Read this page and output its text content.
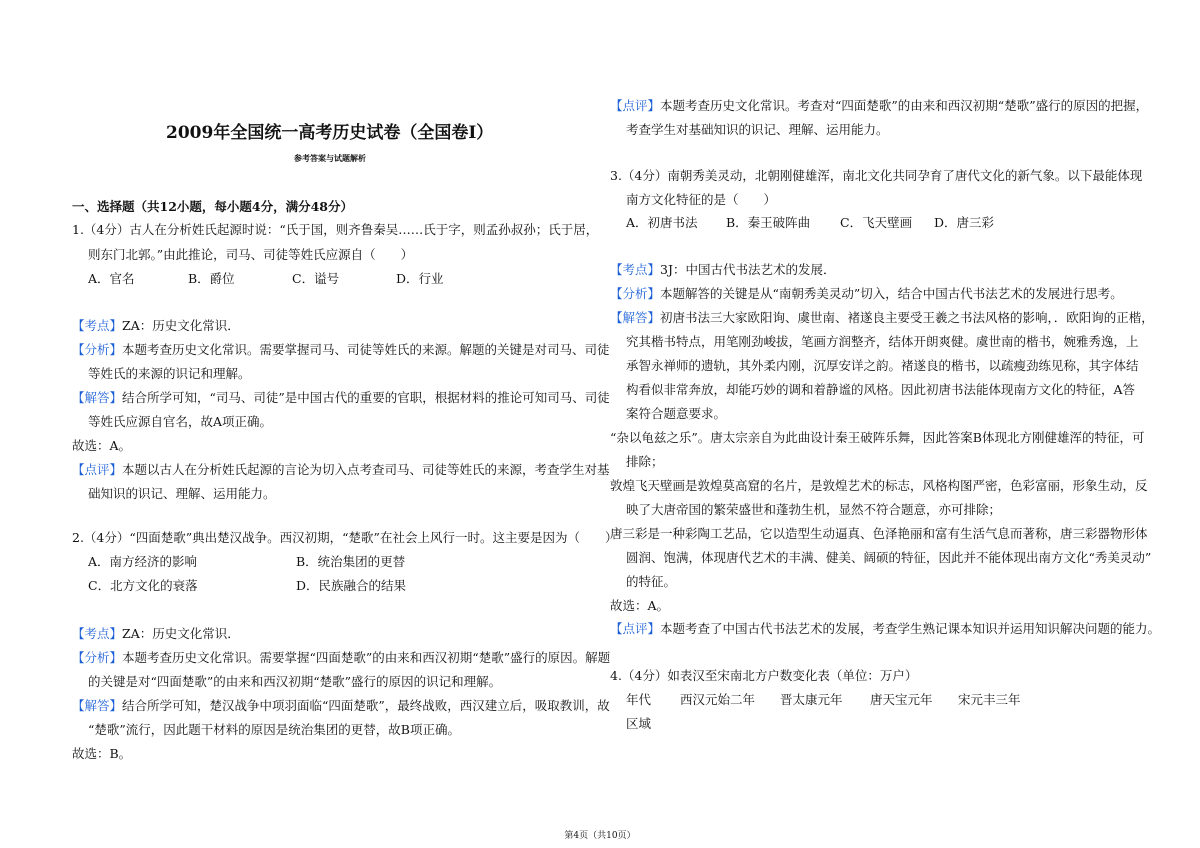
2009年全国统一高考历史试卷（全国卷Ⅰ）
参考答案与试题解析
一、选择题（共12小题，每小题4分，满分48分）
1.（4分）古人在分析姓氏起源时说：“氏于国，则齐鲁秦吴……氏于字，则孟孙叔孙；氏于居，
则东门北郭。”由此推论，司马、司徒等姓氏应源自（　　）
A．官名	B．爵位	C．谥号	D．行业
【考点】ZA：历史文化常识．
【分析】本题考查历史文化常识。需要掌握司马、司徒等姓氏的来源。解题的关键是对司马、司徒
等姓氏的来源的识记和理解。
【解答】结合所学可知，“司马、司徒”是中国古代的重要的官职，根据材料的推论可知司马、司徒
等姓氏应源自官名，故A项正确。
故选：A。
【点评】本题以古人在分析姓氏起源的言论为切入点考查司马、司徒等姓氏的来源，考查学生对基
础知识的识记、理解、运用能力。
2.（4分）“四面楚歌”典出楚汉战争。西汉初期，“楚歌”在社会上风行一时。这主要是因为（　　）
A．南方经济的影响	B．统治集团的更替
C．北方文化的衰落	D．民族融合的结果
【考点】ZA：历史文化常识．
【分析】本题考查历史文化常识。需要掌握“四面楚歌”的由来和西汉初期“楚歌”盛行的原因。解题
的关键是对“四面楚歌”的由来和西汉初期“楚歌”盛行的原因的识记和理解。
【解答】结合所学可知，楚汉战争中项羽面临“四面楚歌”，最终战败，西汉建立后，吸取教训，故
“楚歌”流行，因此题干材料的原因是统治集团的更替，故B项正确。
故选：B。
【点评】本题考查历史文化常识。考查对“四面楚歌”的由来和西汉初期“楚歌”盛行的原因的把握，
考查学生对基础知识的识记、理解、运用能力。
3.（4分）南朝秀美灵动，北朝刚健雄浑，南北文化共同孕育了唐代文化的新气象。以下最能体现
南方文化特征的是（　　）
A．初唐书法 B．秦王破阵曲 C．飞天壁画 D．唐三彩
【考点】3J：中国古代书法艺术的发展．
【分析】本题解答的关键是从“南朝秀美灵动”切入，结合中国古代书法艺术的发展进行思考。
【解答】初唐书法三大家欧阳询、虞世南、褚遂良主要受王羲之书法风格的影响，．欧阳询的正楷，
究其楷书特点，用笔刚劲峻拔，笔画方润整齐，结体开朗爽健。虞世南的楷书，婉雅秀逸，上
承智永禅师的遗轨，其外柔内刚，沉厚安详之韵。褚遂良的楷书，以疏瘦劲练见称，其字体结
构看似非常奔放，却能巧妙的调和着静谧的风格。因此初唐书法能体现南方文化的特征，A答
案符合题意要求。
“杂以龟兹之乐”。唐太宗亲自为此曲设计秦王破阵乐舞，因此答案B体现北方刚健雄浑的特征，可
排除；
敦煌飞天壁画是敦煌莫高窟的名片，是敦煌艺术的标志，风格构图严密，色彩富丽，形象生动，反
映了大唐帝国的繁荣盛世和蓬勃生机，显然不符合题意，亦可排除；
唐三彩是一种彩陶工艺品，它以造型生动逼真、色泽艳丽和富有生活气息而著称，唐三彩器物形体
圆润、饱满，体现唐代艺术的丰满、健美、阔硕的特征，因此并不能体现出南方文化“秀美灵动”
的特征。
故选：A。
【点评】本题考查了中国古代书法艺术的发展，考查学生熟记课本知识并运用知识解决问题的能力。
4.（4分）如表汉至宋南北方户数变化表（单位：万户）
年代 西汉元始二年 晋太康元年 唐天宝元年 宋元丰三年
区域
第4页（共10页）
